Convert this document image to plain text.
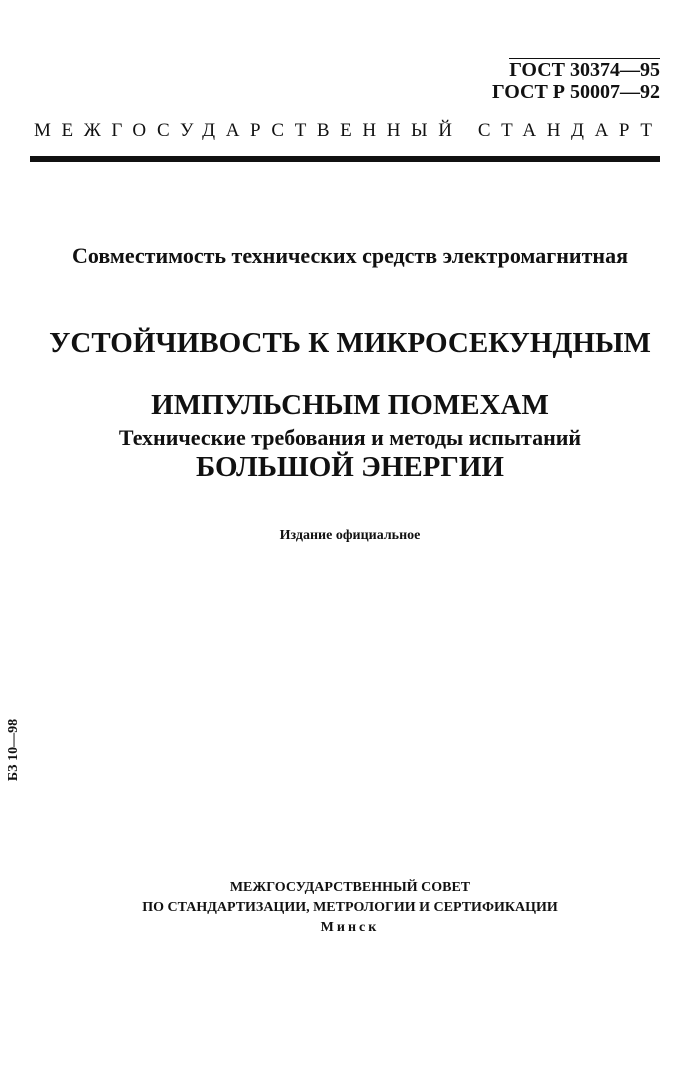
ГОСТ 30374—95
ГОСТ Р 50007—92
МЕЖГОСУДАРСТВЕННЫЙ СТАНДАРТ
Совместимость технических средств электромагнитная

УСТОЙЧИВОСТЬ К МИКРОСЕКУНДНЫМ

ИМПУЛЬСНЫМ ПОМЕХАМ

БОЛЬШОЙ ЭНЕРГИИ

Технические требования и методы испытаний
Издание официальное
БЗ 10—98
МЕЖГОСУДАРСТВЕННЫЙ СОВЕТ
ПО СТАНДАРТИЗАЦИИ, МЕТРОЛОГИИ И СЕРТИФИКАЦИИ
Минск
